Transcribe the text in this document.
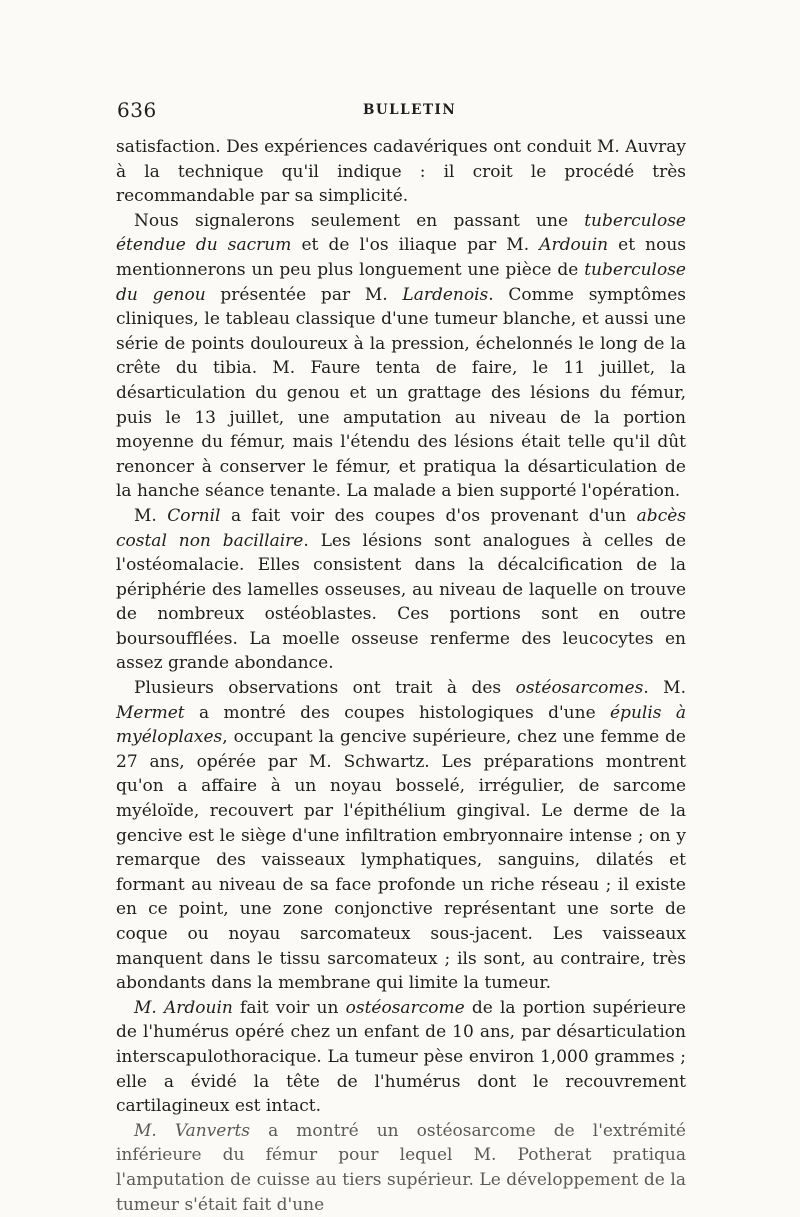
636	BULLETIN

satisfaction. Des expériences cadavériques ont conduit M. Auvray à la technique qu'il indique : il croit le procédé très recommandable par sa simplicité.

Nous signalerons seulement en passant une tuberculose étendue du sacrum et de l'os iliaque par M. Ardouin et nous mentionnerons un peu plus longuement une pièce de tuberculose du genou présentée par M. Lardenois. Comme symptômes cliniques, le tableau classique d'une tumeur blanche, et aussi une série de points douloureux à la pression, échelonnés le long de la crête du tibia. M. Faure tenta de faire, le 11 juillet, la désarticulation du genou et un grattage des lésions du fémur, puis le 13 juillet, une amputation au niveau de la portion moyenne du fémur, mais l'étendu des lésions était telle qu'il dût renoncer à conserver le fémur, et pratiqua la désarticulation de la hanche séance tenante. La malade a bien supporté l'opération.

M. Cornil a fait voir des coupes d'os provenant d'un abcès costal non bacillaire. Les lésions sont analogues à celles de l'ostéomalacie. Elles consistent dans la décalcification de la périphérie des lamelles osseuses, au niveau de laquelle on trouve de nombreux ostéoblastes. Ces portions sont en outre boursoufflées. La moelle osseuse renferme des leucocytes en assez grande abondance.

Plusieurs observations ont trait à des ostéosarcomes. M. Mermet a montré des coupes histologiques d'une épulis à myéloplaxes, occupant la gencive supérieure, chez une femme de 27 ans, opérée par M. Schwartz. Les préparations montrent qu'on a affaire à un noyau bosselé, irrégulier, de sarcome myéloïde, recouvert par l'épithélium gingival. Le derme de la gencive est le siège d'une infiltration embryonnaire intense ; on y remarque des vaisseaux lymphatiques, sanguins, dilatés et formant au niveau de sa face profonde un riche réseau ; il existe en ce point, une zone conjonctive représentant une sorte de coque ou noyau sarcomateux sous-jacent. Les vaisseaux manquent dans le tissu sarcomateux ; ils sont, au contraire, très abondants dans la membrane qui limite la tumeur.

M. Ardouin fait voir un ostéosarcome de la portion supérieure de l'humérus opéré chez un enfant de 10 ans, par désarticulation interscapulothoracique. La tumeur pèse environ 1,000 grammes ; elle a évidé la tête de l'humérus dont le recouvrement cartilagineux est intact.

M. Vanverts a montré un ostéosarcome de l'extrémité inférieure du fémur pour lequel M. Potherat pratiqua l'amputation de cuisse au tiers supérieur. Le développement de la tumeur s'était fait d'une
